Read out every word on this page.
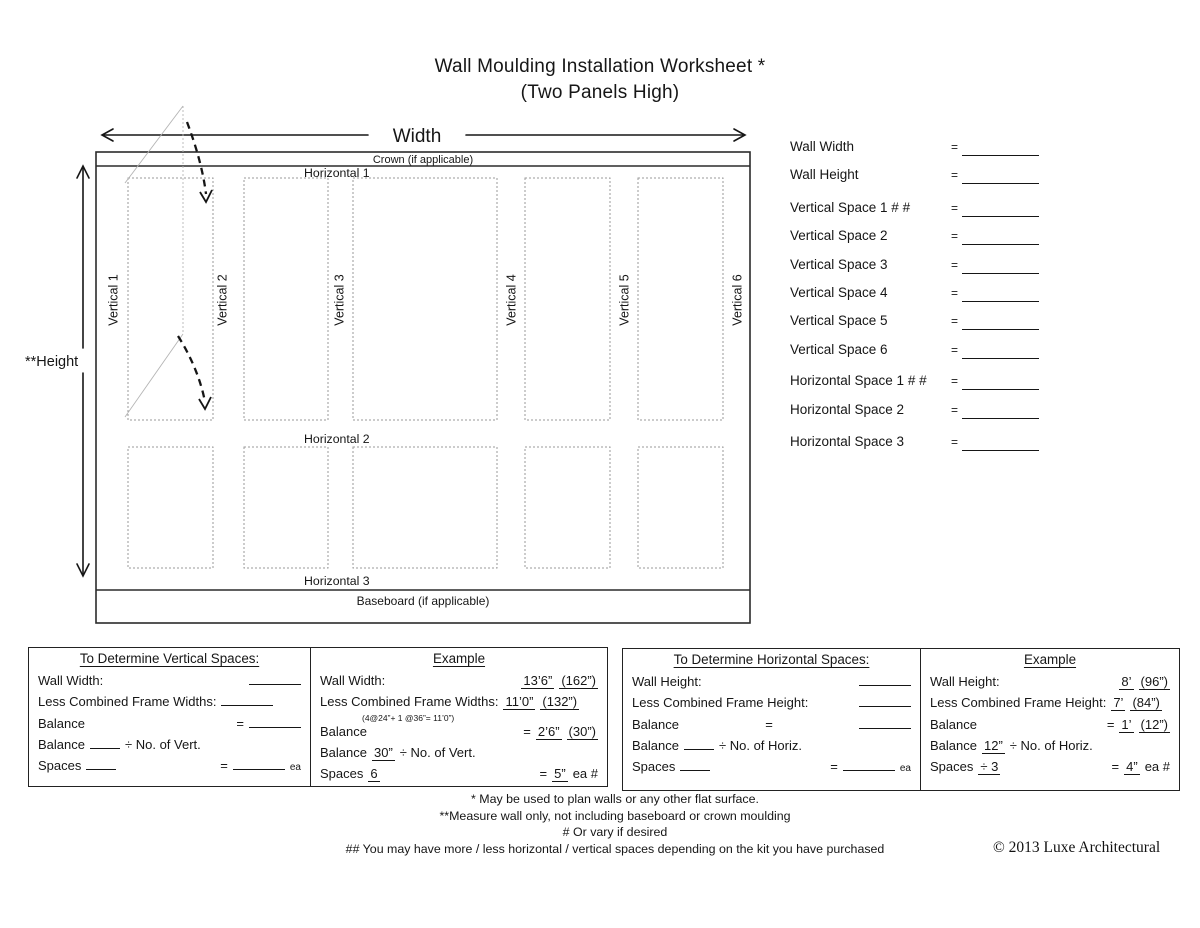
Wall Moulding Installation Worksheet *
(Two Panels High)
Width
**Height
Crown (if applicable)
Baseboard (if applicable)
Horizontal 1
Horizontal 2
Horizontal 3
Vertical 1	Vertical 2	Vertical 3	Vertical 4	Vertical 5	Vertical 6
Wall Width	=
Wall Height	=
Vertical Space 1 # #	=
Vertical Space 2	=
Vertical Space 3	=
Vertical Space 4	=
Vertical Space 5	=
Vertical Space 6	=
Horizontal Space 1 # # =
Horizontal Space 2	=
Horizontal Space 3	=
To Determine Vertical Spaces:
Wall Width:
Less Combined Frame Widths:
Balance	=
Balance	÷ No. of Vert.
Spaces	=	ea
Example
Wall Width:	13’6” (162”)
Less Combined Frame Widths: 11’0” (132”)
(4@24”+ 1 @36”= 11’0”)
Balance	= 2’6” (30”)
Balance 30” ÷ No. of Vert.
Spaces 6	= 5” ea #
To Determine Horizontal Spaces:
Wall Height:
Less Combined Frame Height:
Balance	=
Balance	÷ No. of Horiz.
Spaces	=	ea
Example
Wall Height:	8’ (96”)
Less Combined Frame Height: 7’ (84”)
Balance	= 1’ (12”)
Balance 12” ÷ No. of Horiz.
Spaces ÷ 3	= 4” ea #
* May be used to plan walls or any other flat surface.
**Measure wall only, not including baseboard or crown moulding
# Or vary if desired
## You may have more / less horizontal / vertical spaces depending on the kit you have purchased	© 2013 Luxe Architectural
